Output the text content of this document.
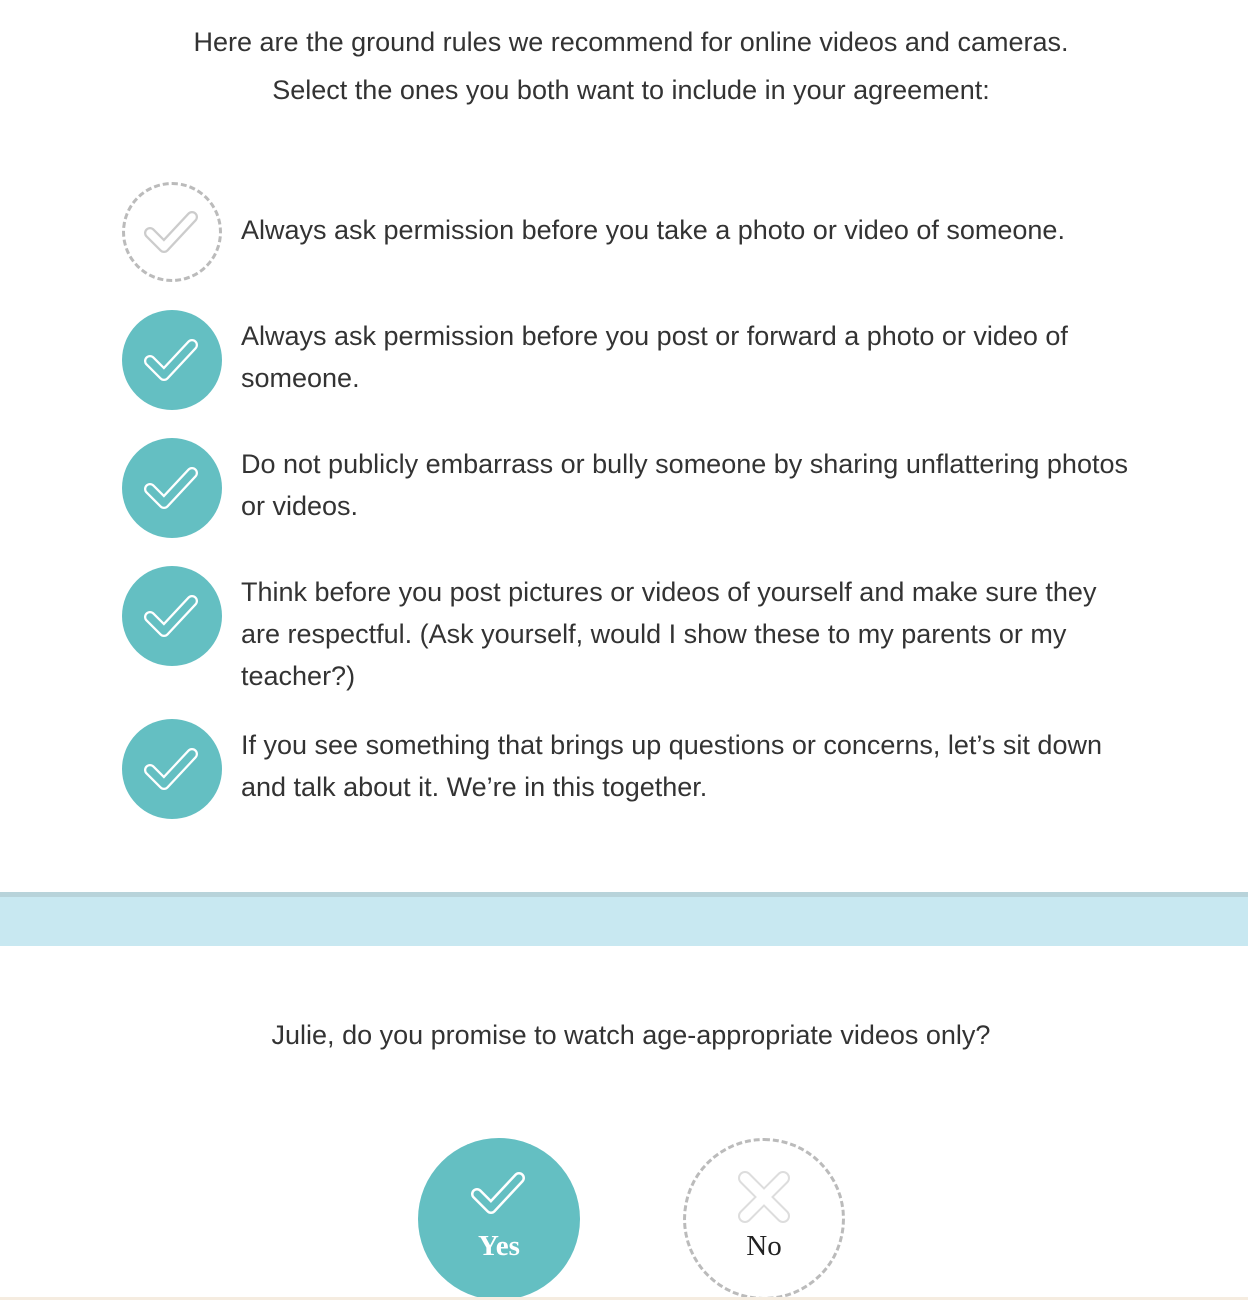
Here are the ground rules we recommend for online videos and cameras.
Select the ones you both want to include in your agreement:
Always ask permission before you take a photo or video of someone.
Always ask permission before you post or forward a photo or video of someone.
Do not publicly embarrass or bully someone by sharing unflattering photos or videos.
Think before you post pictures or videos of yourself and make sure they are respectful. (Ask yourself, would I show these to my parents or my teacher?)
If you see something that brings up questions or concerns, let’s sit down and talk about it. We’re in this together.
Julie, do you promise to watch age-appropriate videos only?
Yes	No
